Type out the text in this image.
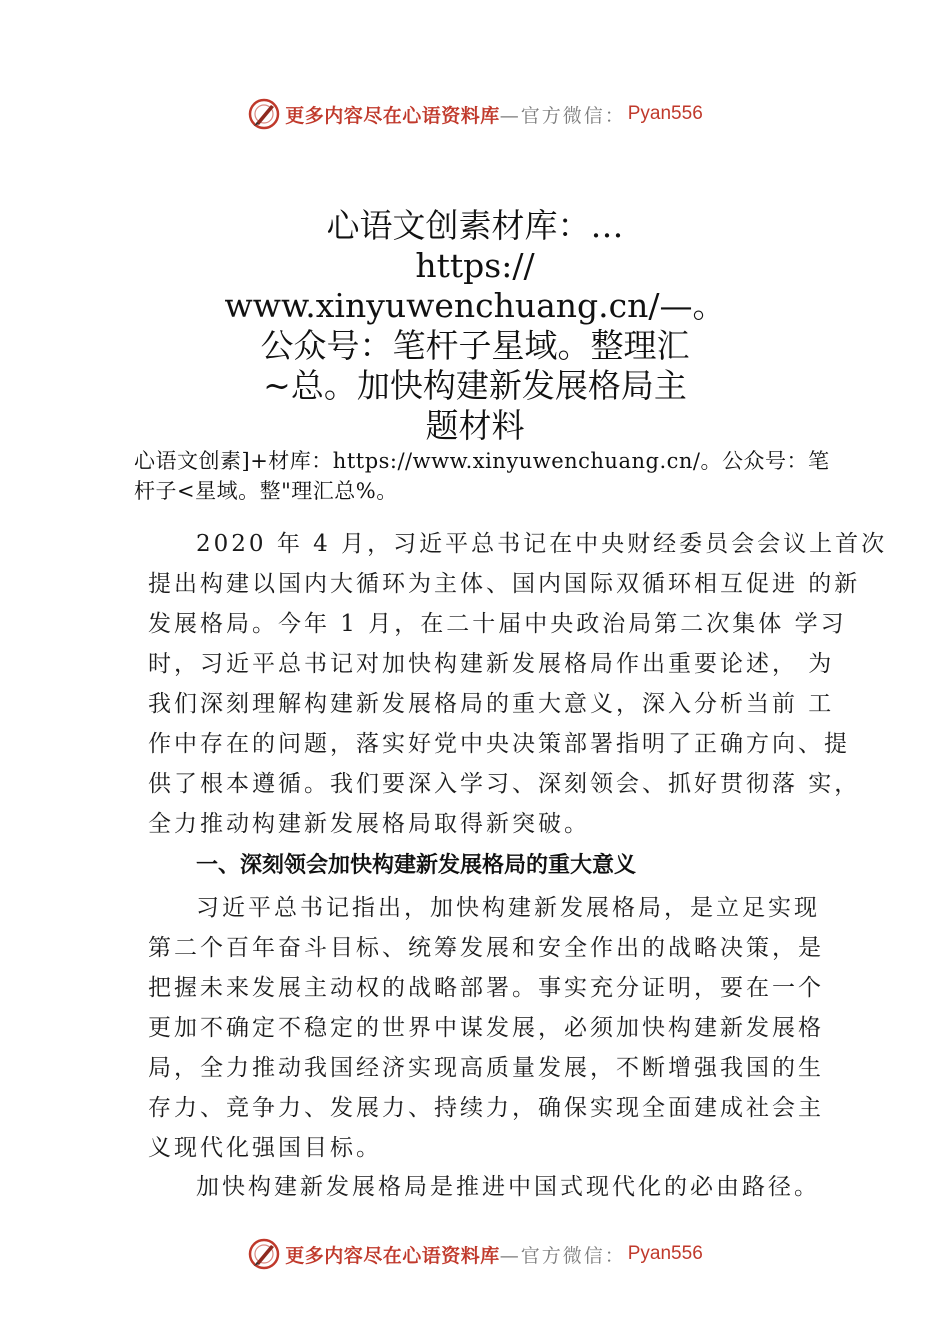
更多内容尽在心语资料库 —官方微信： Pyan556
心语文创素材库：…
https://
www.xinyuwenchuang.cn/—。
公众号：笔杆子星域。整理汇
~总。加快构建新发展格局主
题材料
心语文创素]+材库：https://www.xinyuwenchuang.cn/。公众号：笔杆子<星域。整"理汇总%。
2020 年 4 月，习近平总书记在中央财经委员会会议上首次
提出构建以国内大循环为主体、国内国际双循环相互促进 的新
发展格局。今年 1 月，在二十届中央政治局第二次集体 学习
时，习近平总书记对加快构建新发展格局作出重要论述， 为
我们深刻理解构建新发展格局的重大意义，深入分析当前 工
作中存在的问题，落实好党中央决策部署指明了正确方向、提
供了根本遵循。我们要深入学习、深刻领会、抓好贯彻落 实，
全力推动构建新发展格局取得新突破。
一、深刻领会加快构建新发展格局的重大意义
习近平总书记指出，加快构建新发展格局，是立足实现
第二个百年奋斗目标、统筹发展和安全作出的战略决策，是
把握未来发展主动权的战略部署。事实充分证明，要在一个
更加不确定不稳定的世界中谋发展，必须加快构建新发展格
局，全力推动我国经济实现高质量发展，不断增强我国的生
存力、竞争力、发展力、持续力，确保实现全面建成社会主
义现代化强国目标。
加快构建新发展格局是推进中国式现代化的必由路径。
更多内容尽在心语资料库 —官方微信： Pyan556
